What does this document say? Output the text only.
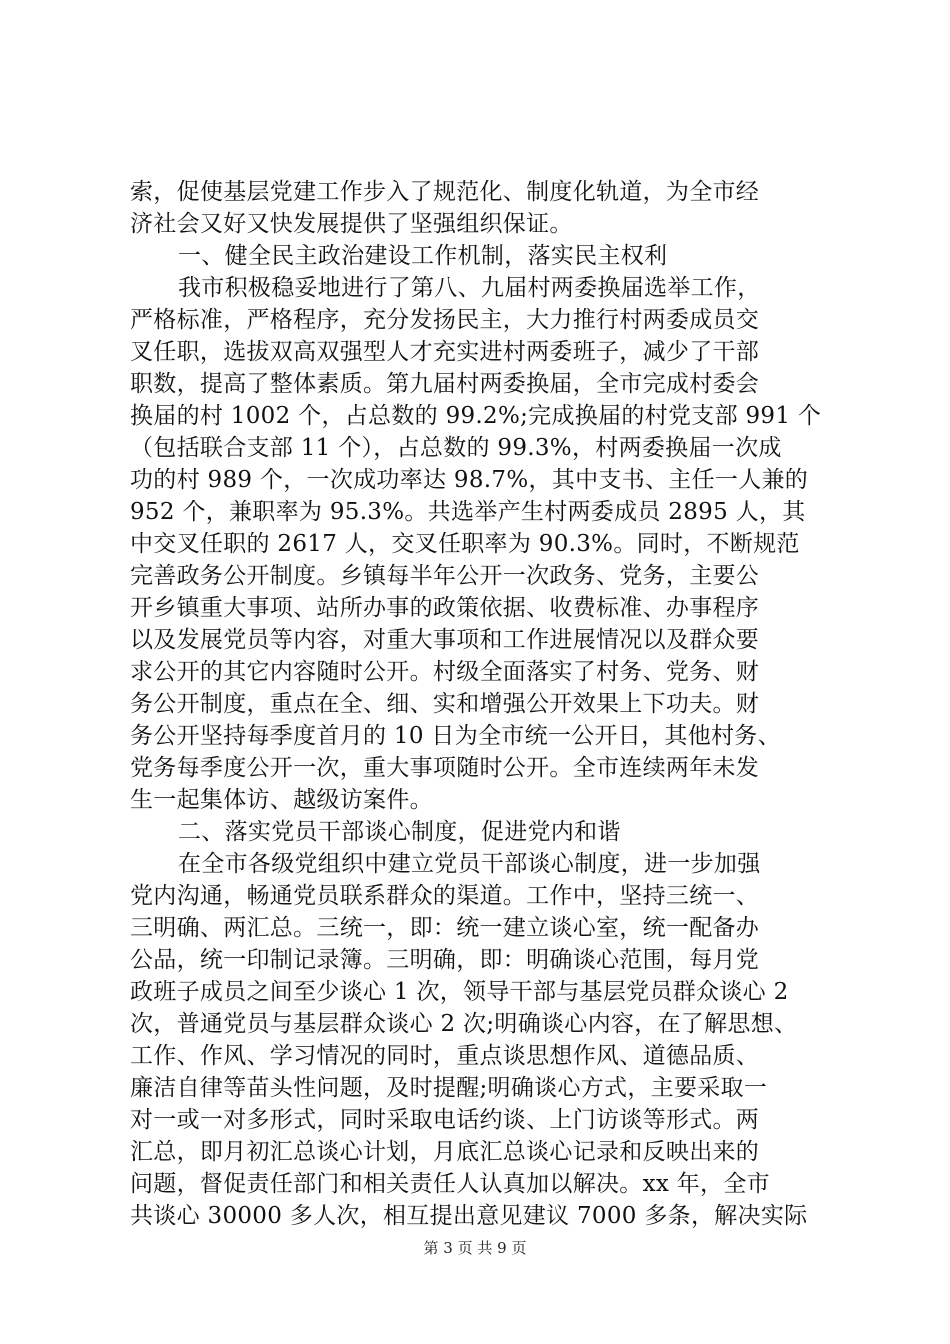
索，促使基层党建工作步入了规范化、制度化轨道，为全市经
济社会又好又快发展提供了坚强组织保证。
一、健全民主政治建设工作机制，落实民主权利
我市积极稳妥地进行了第八、九届村两委换届选举工作，
严格标准，严格程序，充分发扬民主，大力推行村两委成员交
叉任职，选拔双高双强型人才充实进村两委班子，减少了干部
职数，提高了整体素质。第九届村两委换届，全市完成村委会
换届的村 1002 个，占总数的 99.2%;完成换届的村党支部 991 个
（包括联合支部 11 个），占总数的 99.3%，村两委换届一次成
功的村 989 个，一次成功率达 98.7%，其中支书、主任一人兼的
952 个，兼职率为 95.3%。共选举产生村两委成员 2895 人，其
中交叉任职的 2617 人，交叉任职率为 90.3%。同时，不断规范
完善政务公开制度。乡镇每半年公开一次政务、党务，主要公
开乡镇重大事项、站所办事的政策依据、收费标准、办事程序
以及发展党员等内容，对重大事项和工作进展情况以及群众要
求公开的其它内容随时公开。村级全面落实了村务、党务、财
务公开制度，重点在全、细、实和增强公开效果上下功夫。财
务公开坚持每季度首月的 10 日为全市统一公开日，其他村务、
党务每季度公开一次，重大事项随时公开。全市连续两年未发
生一起集体访、越级访案件。
二、落实党员干部谈心制度，促进党内和谐
在全市各级党组织中建立党员干部谈心制度，进一步加强
党内沟通，畅通党员联系群众的渠道。工作中，坚持三统一、
三明确、两汇总。三统一，即：统一建立谈心室，统一配备办
公品，统一印制记录簿。三明确，即：明确谈心范围，每月党
政班子成员之间至少谈心 1 次，领导干部与基层党员群众谈心 2
次，普通党员与基层群众谈心 2 次;明确谈心内容，在了解思想、
工作、作风、学习情况的同时，重点谈思想作风、道德品质、
廉洁自律等苗头性问题，及时提醒;明确谈心方式，主要采取一
对一或一对多形式，同时采取电话约谈、上门访谈等形式。两
汇总，即月初汇总谈心计划，月底汇总谈心记录和反映出来的
问题，督促责任部门和相关责任人认真加以解决。xx 年，全市
共谈心 30000 多人次，相互提出意见建议 7000 多条，解决实际
第 3 页 共 9 页
